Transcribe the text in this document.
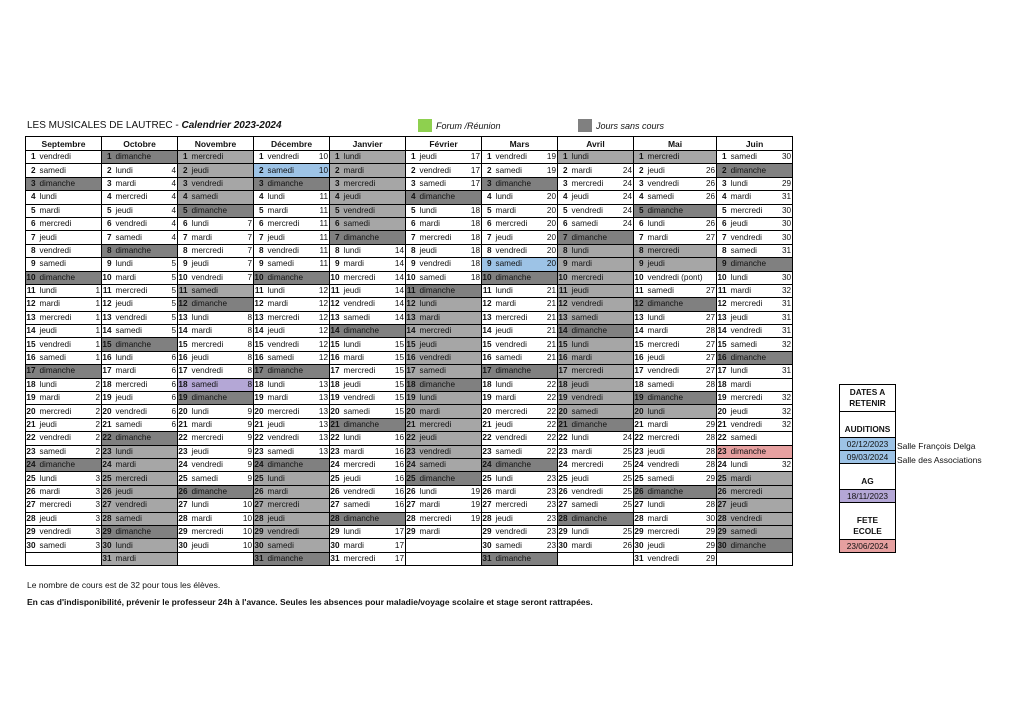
LES MUSICALES DE LAUTREC - Calendrier 2023-2024	Forum /Réunion	Jours sans cours
Septembre			Octobre			Novembre			Décembre			Janvier			Février			Mars			Avril			Mai			Juin		
1	vendredi		1	dimanche		1	mercredi		1	vendredi	10	1	lundi		1	jeudi	17	1	vendredi	19	1	lundi		1	mercredi		1	samedi	30
2	samedi		2	lundi	4	2	jeudi		2	samedi	10	2	mardi		2	vendredi	17	2	samedi	19	2	mardi	24	2	jeudi	26	2	dimanche	
3	dimanche		3	mardi	4	3	vendredi		3	dimanche		3	mercredi		3	samedi	17	3	dimanche		3	mercredi	24	3	vendredi	26	3	lundi	29
4	lundi		4	mercredi	4	4	samedi		4	lundi	11	4	jeudi		4	dimanche		4	lundi	20	4	jeudi	24	4	samedi	26	4	mardi	31
5	mardi		5	jeudi	4	5	dimanche		5	mardi	11	5	vendredi		5	lundi	18	5	mardi	20	5	vendredi	24	5	dimanche		5	mercredi	30
6	mercredi		6	vendredi	4	6	lundi	7	6	mercredi	11	6	samedi		6	mardi	18	6	mercredi	20	6	samedi	24	6	lundi	26	6	jeudi	30
7	jeudi		7	samedi	4	7	mardi	7	7	jeudi	11	7	dimanche		7	mercredi	18	7	jeudi	20	7	dimanche		7	mardi	27	7	vendredi	30
8	vendredi		8	dimanche		8	mercredi	7	8	vendredi	11	8	lundi	14	8	jeudi	18	8	vendredi	20	8	lundi		8	mercredi		8	samedi	31
9	samedi		9	lundi	5	9	jeudi	7	9	samedi	11	9	mardi	14	9	vendredi	18	9	samedi	20	9	mardi		9	jeudi		9	dimanche	
10	dimanche		10	mardi	5	10	vendredi	7	10	dimanche		10	mercredi	14	10	samedi	18	10	dimanche		10	mercredi		10	vendredi (pont)		10	lundi	30
11	lundi	1	11	mercredi	5	11	samedi		11	lundi	12	11	jeudi	14	11	dimanche		11	lundi	21	11	jeudi		11	samedi	27	11	mardi	32
12	mardi	1	12	jeudi	5	12	dimanche		12	mardi	12	12	vendredi	14	12	lundi		12	mardi	21	12	vendredi		12	dimanche		12	mercredi	31
13	mercredi	1	13	vendredi	5	13	lundi	8	13	mercredi	12	13	samedi	14	13	mardi		13	mercredi	21	13	samedi		13	lundi	27	13	jeudi	31
14	jeudi	1	14	samedi	5	14	mardi	8	14	jeudi	12	14	dimanche		14	mercredi		14	jeudi	21	14	dimanche		14	mardi	28	14	vendredi	31
15	vendredi	1	15	dimanche		15	mercredi	8	15	vendredi	12	15	lundi	15	15	jeudi		15	vendredi	21	15	lundi		15	mercredi	27	15	samedi	32
16	samedi	1	16	lundi	6	16	jeudi	8	16	samedi	12	16	mardi	15	16	vendredi		16	samedi	21	16	mardi		16	jeudi	27	16	dimanche	
17	dimanche		17	mardi	6	17	vendredi	8	17	dimanche		17	mercredi	15	17	samedi		17	dimanche		17	mercredi		17	vendredi	27	17	lundi	31
18	lundi	2	18	mercredi	6	18	samedi	8	18	lundi	13	18	jeudi	15	18	dimanche		18	lundi	22	18	jeudi		18	samedi	28	18	mardi	
19	mardi	2	19	jeudi	6	19	dimanche		19	mardi	13	19	vendredi	15	19	lundi		19	mardi	22	19	vendredi		19	dimanche		19	mercredi	32
20	mercredi	2	20	vendredi	6	20	lundi	9	20	mercredi	13	20	samedi	15	20	mardi		20	mercredi	22	20	samedi		20	lundi		20	jeudi	32
21	jeudi	2	21	samedi	6	21	mardi	9	21	jeudi	13	21	dimanche		21	mercredi		21	jeudi	22	21	dimanche		21	mardi	29	21	vendredi	32
22	vendredi	2	22	dimanche		22	mercredi	9	22	vendredi	13	22	lundi	16	22	jeudi		22	vendredi	22	22	lundi	24	22	mercredi	28	22	samedi	
23	samedi	2	23	lundi		23	jeudi	9	23	samedi	13	23	mardi	16	23	vendredi		23	samedi	22	23	mardi	25	23	jeudi	28	23	dimanche	
24	dimanche		24	mardi		24	vendredi	9	24	dimanche		24	mercredi	16	24	samedi		24	dimanche		24	mercredi	25	24	vendredi	28	24	lundi	32
25	lundi	3	25	mercredi		25	samedi	9	25	lundi		25	jeudi	16	25	dimanche		25	lundi	23	25	jeudi	25	25	samedi	29	25	mardi	
26	mardi	3	26	jeudi		26	dimanche		26	mardi		26	vendredi	16	26	lundi	19	26	mardi	23	26	vendredi	25	26	dimanche		26	mercredi	
27	mercredi	3	27	vendredi		27	lundi	10	27	mercredi		27	samedi	16	27	mardi	19	27	mercredi	23	27	samedi	25	27	lundi	28	27	jeudi	
28	jeudi	3	28	samedi		28	mardi	10	28	jeudi		28	dimanche		28	mercredi	19	28	jeudi	23	28	dimanche		28	mardi	30	28	vendredi	
29	vendredi	3	29	dimanche		29	mercredi	10	29	vendredi		29	lundi	17	29	mardi		29	vendredi	23	29	lundi	25	29	mercredi	29	29	samedi	
30	samedi	3	30	lundi		30	jeudi	10	30	samedi		30	mardi	17				30	samedi	23	30	mardi	26	30	jeudi	29	30	dimanche	
			31	mardi					31	dimanche		31	mercredi	17				31	dimanche					31	vendredi	29			
DATES A RETENIR
AUDITIONS
02/12/2023
09/03/2024
AG
18/11/2023
FETE ECOLE
23/06/2024
Salle François Delga
Salle des Associations
Le nombre de cours est de 32 pour tous les élèves.
En cas d'indisponibilité, prévenir le professeur 24h à l'avance. Seules les absences pour maladie/voyage scolaire et stage seront rattrapées.
